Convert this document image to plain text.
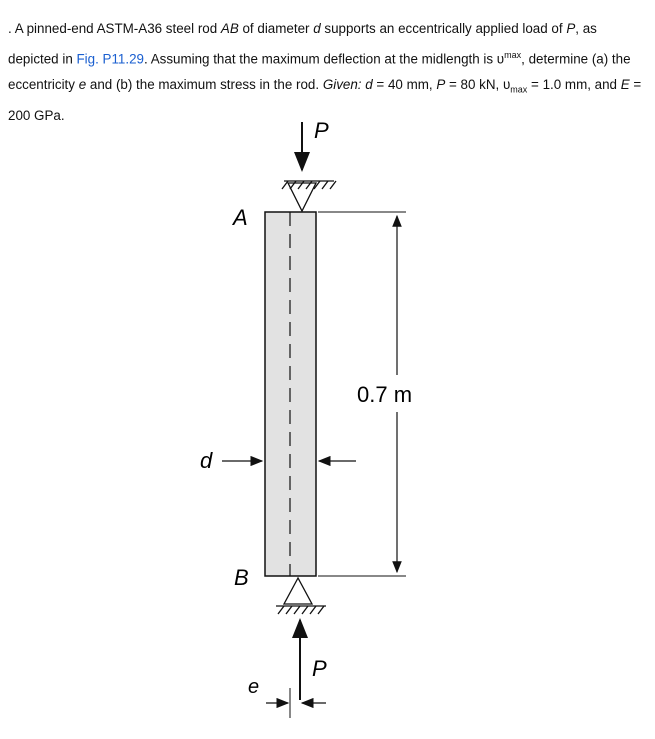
. A pinned-end ASTM-A36 steel rod AB of diameter d supports an eccentrically applied load of P, as depicted in Fig. P11.29. Assuming that the maximum deflection at the midlength is $\upsilon^{max}$, determine (a) the eccentricity e and (b) the maximum stress in the rod. Given: d = 40 mm, P = 80 kN, $\upsilon_{max} = 1.0$ mm, and E = 200 GPa.
P
A
B
P
e
d
0.7 m
